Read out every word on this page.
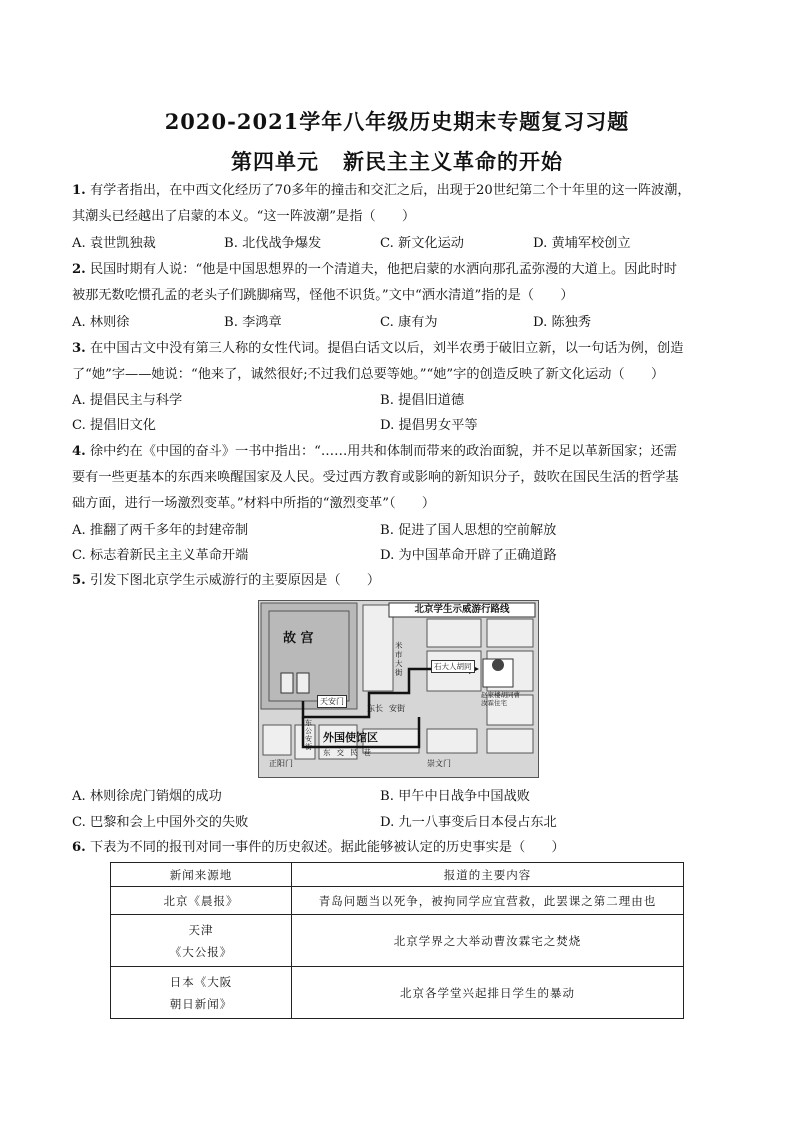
2020-2021学年八年级历史期末专题复习习题
第四单元 新民主主义革命的开始
1. 有学者指出，在中西文化经历了70多年的撞击和交汇之后，出现于20世纪第二个十年里的这一阵波潮，
其潮头已经越出了启蒙的本义。“这一阵波潮”是指（　　）
A. 袁世凯独裁	B. 北伐战争爆发	C. 新文化运动	D. 黄埔军校创立
2. 民国时期有人说：“他是中国思想界的一个清道夫，他把启蒙的水洒向那孔孟弥漫的大道上。因此时时
被那无数吃惯孔孟的老头子们跳脚痛骂，怪他不识货。”文中“洒水清道”指的是（　　）
A. 林则徐	B. 李鸿章	C. 康有为	D. 陈独秀
3. 在中国古文中没有第三人称的女性代词。提倡白话文以后，刘半农勇于破旧立新，以一句话为例，创造
了“她”字——她说：“他来了，诚然很好;不过我们总要等她。”“她”字的创造反映了新文化运动（　　）
A. 提倡民主与科学	B. 提倡旧道德
C. 提倡旧文化	D. 提倡男女平等
4. 徐中约在《中国的奋斗》一书中指出：“……用共和体制而带来的政治面貌，并不足以革新国家；还需
要有一些更基本的东西来唤醒国家及人民。受过西方教育或影响的新知识分子，鼓吹在国民生活的哲学基
础方面，进行一场激烈变革。”材料中所指的“激烈变革”（　　）
A. 推翻了两千多年的封建帝制	B. 促进了国人思想的空前解放
C. 标志着新民主主义革命开端	D. 为中国革命开辟了正确道路
5. 引发下图北京学生示威游行的主要原因是（　　）
北京学生示威游行路线
故 宫
天安门
米市大街
石大人胡同
赵家楼胡同曹汝霖住宅
东长 安街
东公安街
外国使馆区
东交民巷
正阳门	崇文门
A. 林则徐虎门销烟的成功	B. 甲午中日战争中国战败
C. 巴黎和会上中国外交的失败	D. 九一八事变后日本侵占东北
6. 下表为不同的报刊对同一事件的历史叙述。据此能够被认定的历史事实是（　　）
新闻来源地	报道的主要内容

北京《晨报》	青岛问题当以死争，被拘同学应宜营救，此罢课之第二理由也

天津
《大公报》	北京学界之大举动曹汝霖宅之焚烧

日本《大阪
朝日新闻》	北京各学堂兴起排日学生的暴动
